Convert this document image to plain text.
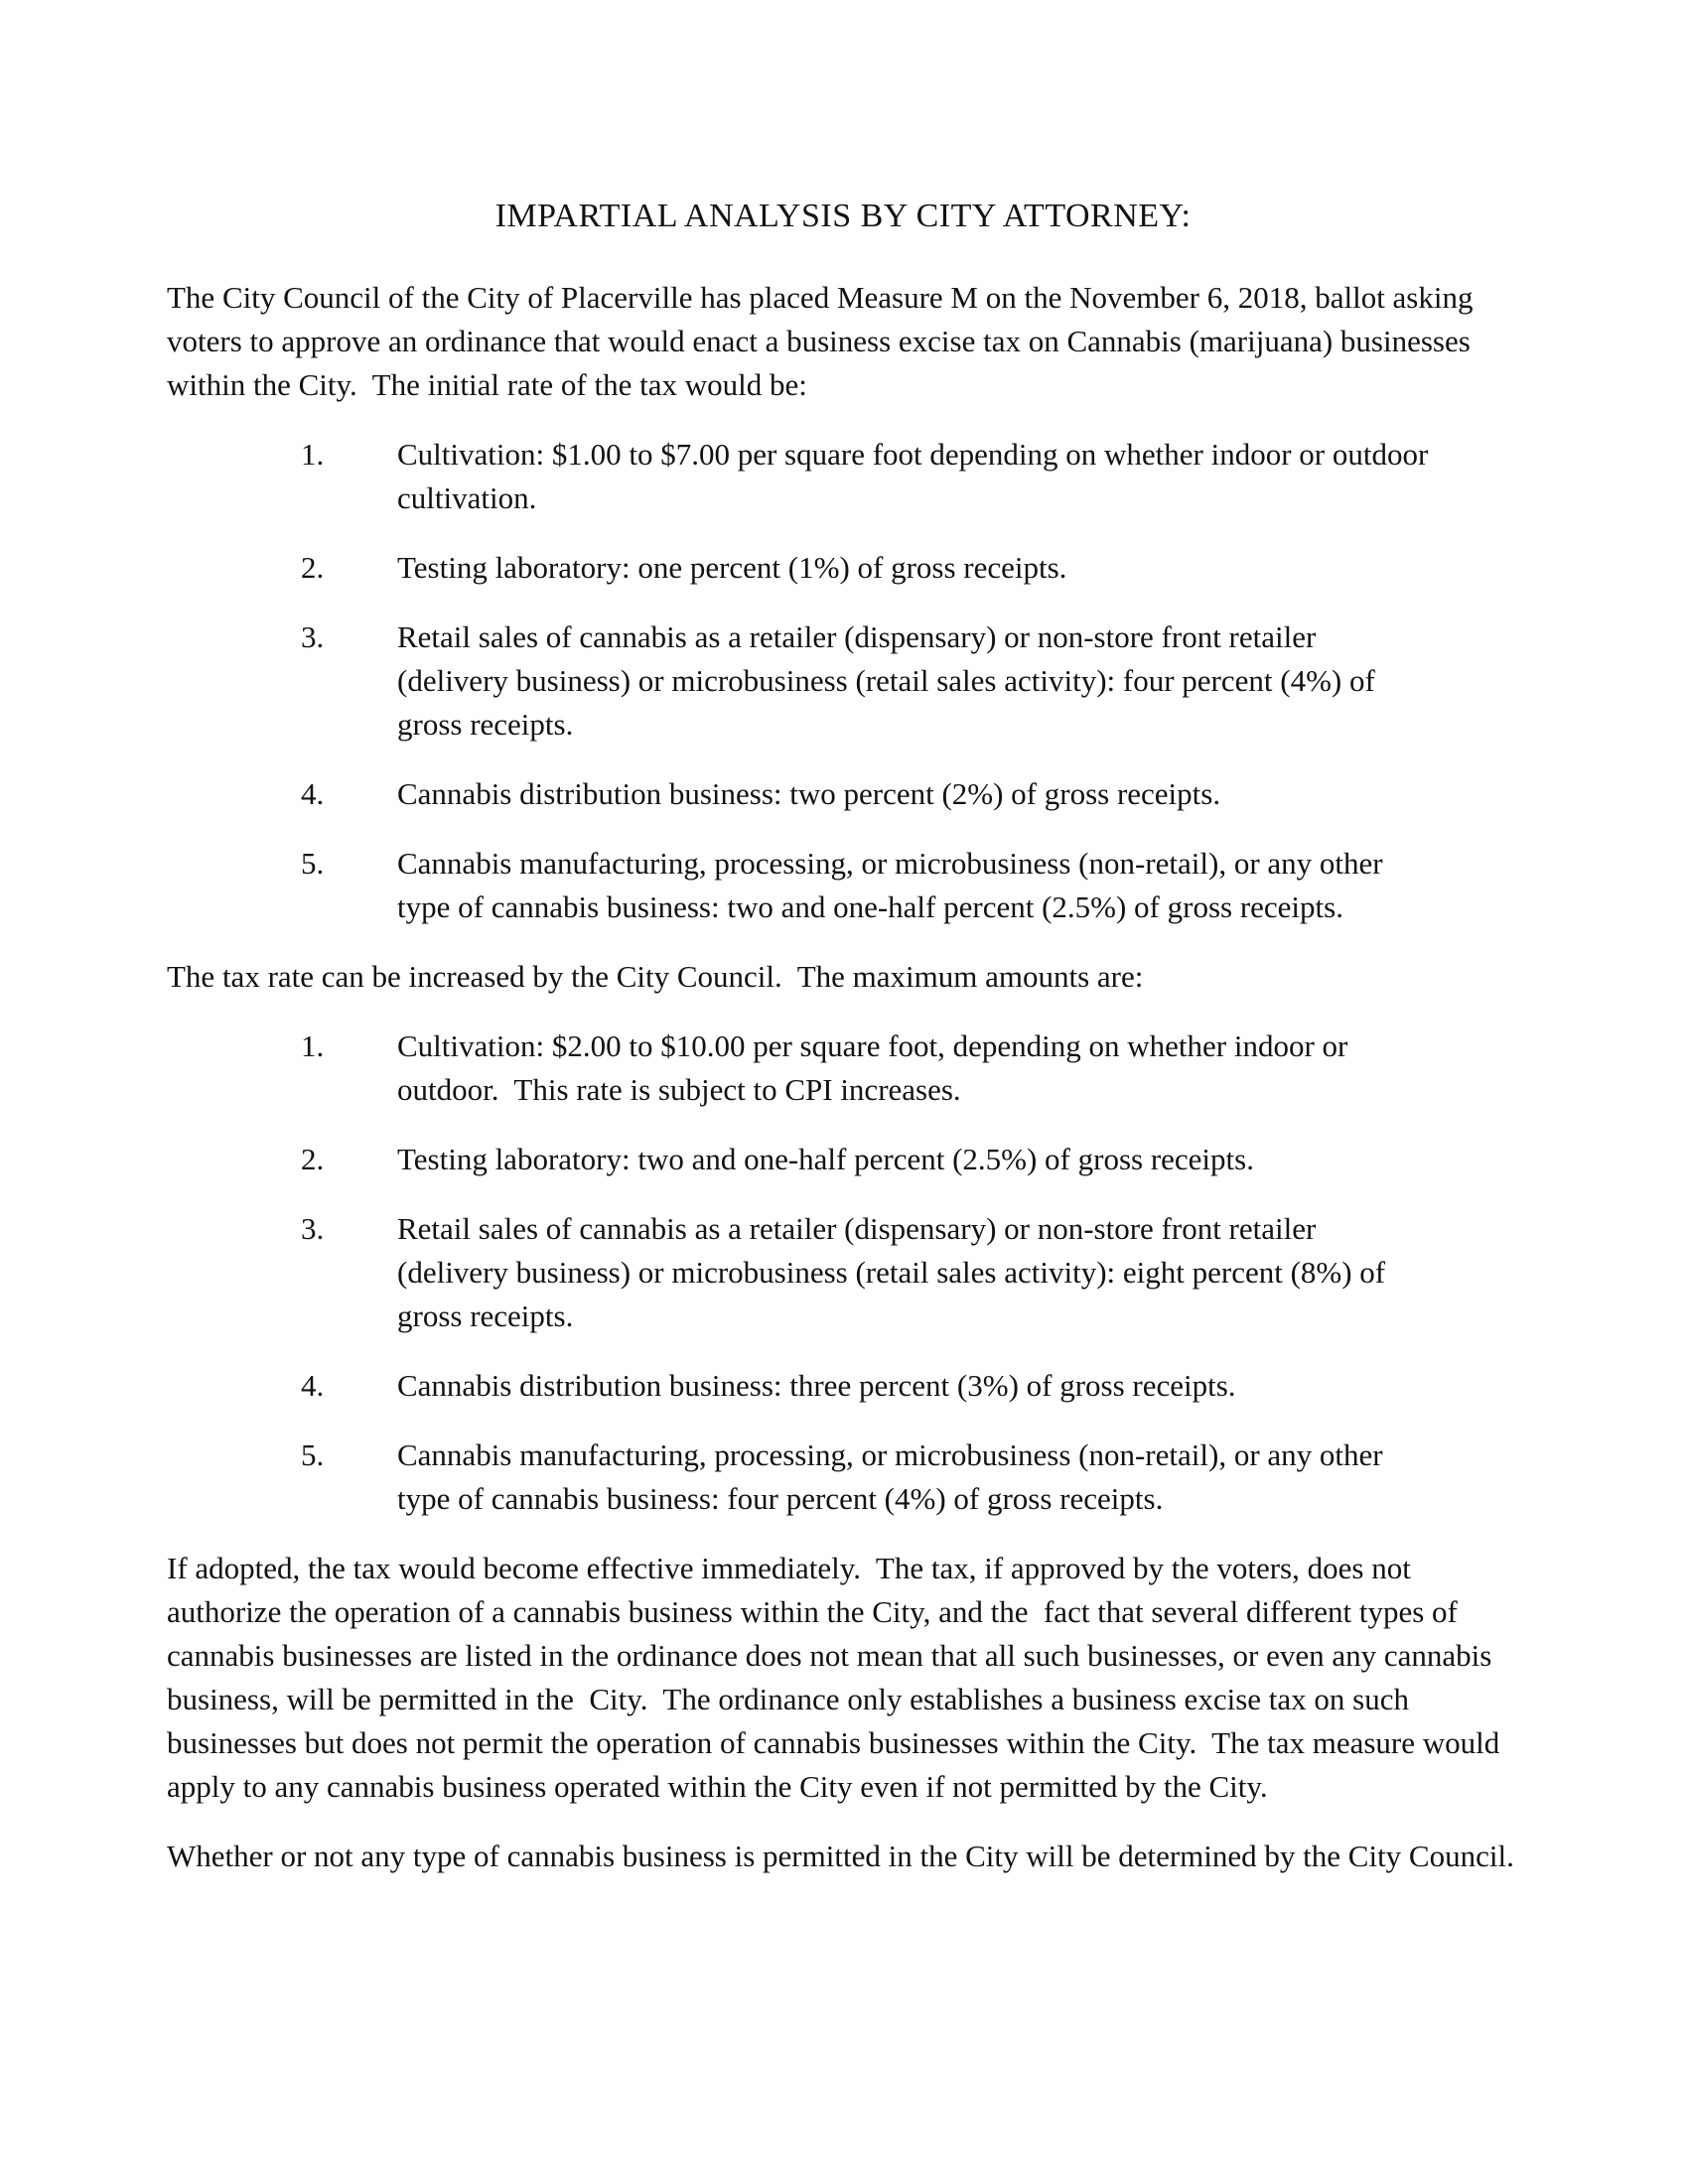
IMPARTIAL ANALYSIS BY CITY ATTORNEY:

The City Council of the City of Placerville has placed Measure M on the November 6, 2018, ballot asking voters to approve an ordinance that would enact a business excise tax on Cannabis (marijuana) businesses within the City.  The initial rate of the tax would be:

1.	Cultivation: $1.00 to $7.00 per square foot depending on whether indoor or outdoor cultivation.
2.	Testing laboratory: one percent (1%) of gross receipts.
3.	Retail sales of cannabis as a retailer (dispensary) or non-store front retailer (delivery business) or microbusiness (retail sales activity): four percent (4%) of gross receipts.
4.	Cannabis distribution business: two percent (2%) of gross receipts.
5.	Cannabis manufacturing, processing, or microbusiness (non-retail), or any other type of cannabis business: two and one-half percent (2.5%) of gross receipts.

The tax rate can be increased by the City Council.  The maximum amounts are:

1.	Cultivation: $2.00 to $10.00 per square foot, depending on whether indoor or outdoor.  This rate is subject to CPI increases.
2.	Testing laboratory: two and one-half percent (2.5%) of gross receipts.
3.	Retail sales of cannabis as a retailer (dispensary) or non-store front retailer (delivery business) or microbusiness (retail sales activity): eight percent (8%) of gross receipts.
4.	Cannabis distribution business: three percent (3%) of gross receipts.
5.	Cannabis manufacturing, processing, or microbusiness (non-retail), or any other type of cannabis business: four percent (4%) of gross receipts.

If adopted, the tax would become effective immediately.  The tax, if approved by the voters, does not authorize the operation of a cannabis business within the City, and the  fact that several different types of cannabis businesses are listed in the ordinance does not mean that all such businesses, or even any cannabis business, will be permitted in the  City.  The ordinance only establishes a business excise tax on such businesses but does not permit the operation of cannabis businesses within the City.  The tax measure would apply to any cannabis business operated within the City even if not permitted by the City.

Whether or not any type of cannabis business is permitted in the City will be determined by the City Council.
